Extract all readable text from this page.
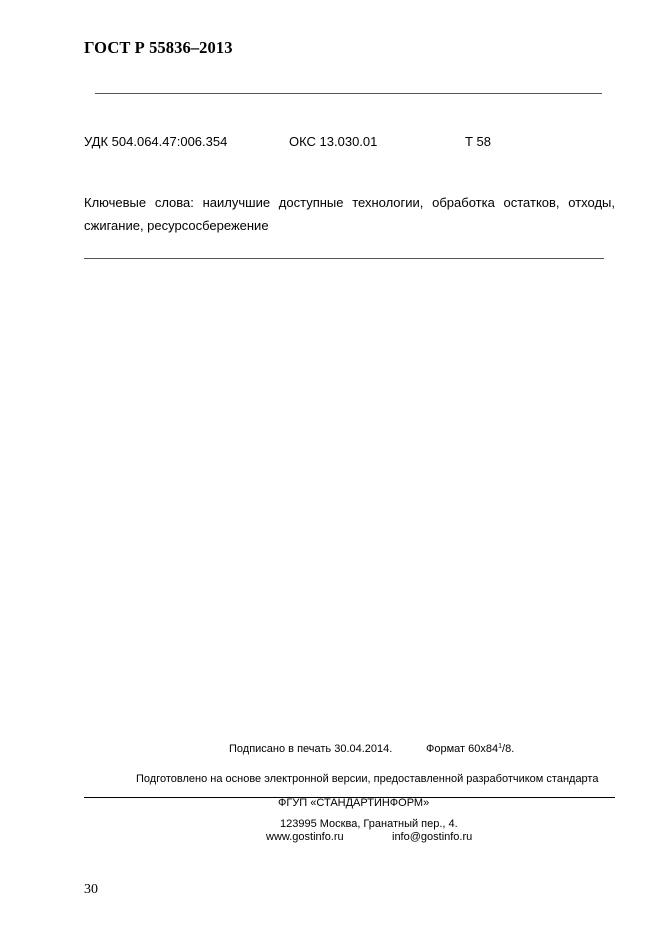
ГОСТ Р 55836–2013
УДК 504.064.47:006.354	ОКС 13.030.01	Т 58
Ключевые слова: наилучшие доступные технологии, обработка остатков, отходы, сжигание, ресурсосбережение
Подписано в печать 30.04.2014.	Формат $60x84^1/8$.
Подготовлено на основе электронной версии, предоставленной разработчиком стандарта
ФГУП «СТАНДАРТИНФОРМ»
123995 Москва, Гранатный пер., 4.
www.gostinfo.ru	info@gostinfo.ru
30
